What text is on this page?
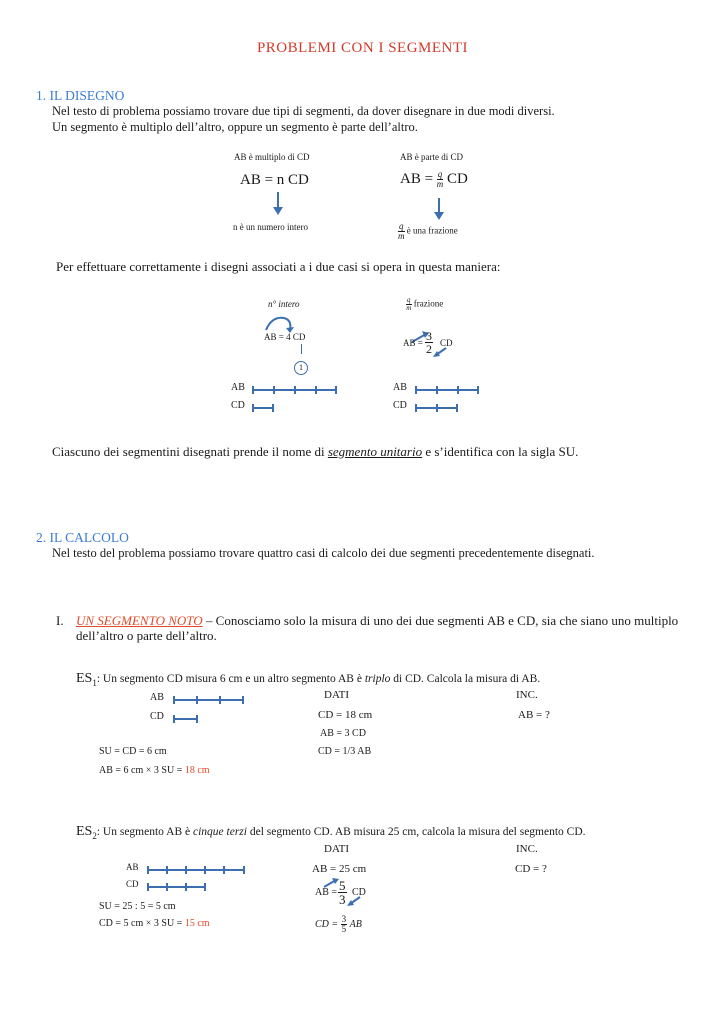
PROBLEMI CON I SEGMENTI
1. IL DISEGNO
Nel testo di problema possiamo trovare due tipi di segmenti, da dover disegnare in due modi diversi.
Un segmento è multiplo dell’altro, oppure un segmento è parte dell’altro.
AB è multiplo di CD
AB = n CD
n è un numero intero
AB è parte di CD
AB = $\frac{q}{m}$ CD
$\frac{q}{m}$ è una frazione
Per effettuare correttamente i disegni associati a i due casi si opera in questa maniera:
n° intero
AB = 4 CD
1
AB
CD
$\frac{q}{m}$ frazione
AB = $\frac{3}{2}$ CD
AB
CD
Ciascuno dei segmentini disegnati prende il nome di segmento unitario e s’identifica con la sigla SU.
2. IL CALCOLO
Nel testo del problema possiamo trovare quattro casi di calcolo dei due segmenti precedentemente disegnati.
I. UN SEGMENTO NOTO – Conosciamo solo la misura di uno dei due segmenti AB e CD, sia che siano uno multiplo
dell’altro o parte dell’altro.
$ES_1$: Un segmento CD misura 6 cm e un altro segmento AB è triplo di CD. Calcola la misura di AB.
AB
CD
DATI	INC.
CD = 18 cm	AB = ?
AB = 3 CD
CD = 1/3 AB
SU = CD = 6 cm
AB = 6 cm × 3 SU = 18 cm
$ES_2$: Un segmento AB è cinque terzi del segmento CD. AB misura 25 cm, calcola la misura del segmento CD.
DATI	INC.
AB
CD
AB = 25 cm	CD = ?
AB = $\frac{5}{3}$ CD
CD = $\frac{3}{5}$ AB
SU = 25 : 5 = 5 cm
CD = 5 cm × 3 SU = 15 cm
